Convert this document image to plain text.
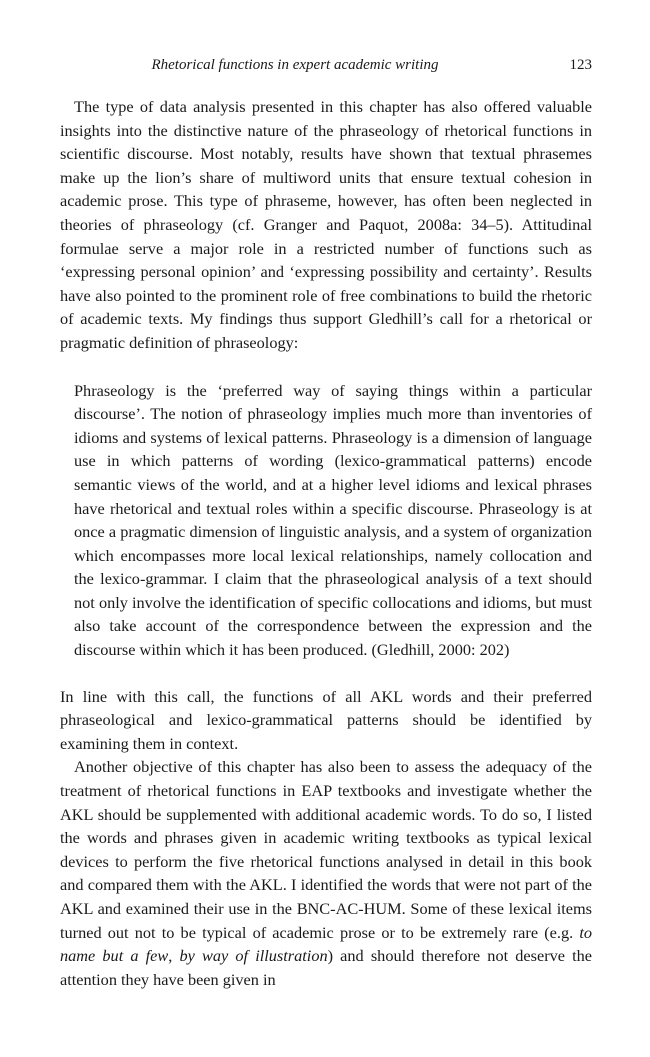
Rhetorical functions in expert academic writing	123

The type of data analysis presented in this chapter has also offered valuable insights into the distinctive nature of the phraseology of rhetorical functions in scientific discourse. Most notably, results have shown that textual phrasemes make up the lion’s share of multiword units that ensure textual cohesion in academic prose. This type of phraseme, however, has often been neglected in theories of phraseology (cf. Granger and Paquot, 2008a: 34–5). Attitudinal formulae serve a major role in a restricted number of functions such as ‘expressing personal opinion’ and ‘expressing possibility and certainty’. Results have also pointed to the prominent role of free combinations to build the rhetoric of academic texts. My findings thus support Gledhill’s call for a rhetorical or pragmatic definition of phraseology:

Phraseology is the ‘preferred way of saying things within a particular discourse’. The notion of phraseology implies much more than inventories of idioms and systems of lexical patterns. Phraseology is a dimension of language use in which patterns of wording (lexico-grammatical patterns) encode semantic views of the world, and at a higher level idioms and lexical phrases have rhetorical and textual roles within a specific discourse. Phraseology is at once a pragmatic dimension of linguistic analysis, and a system of organization which encompasses more local lexical relationships, namely collocation and the lexico-grammar. I claim that the phraseological analysis of a text should not only involve the identification of specific collocations and idioms, but must also take account of the correspondence between the expression and the discourse within which it has been produced. (Gledhill, 2000: 202)

In line with this call, the functions of all AKL words and their preferred phraseological and lexico-grammatical patterns should be identified by examining them in context.

Another objective of this chapter has also been to assess the adequacy of the treatment of rhetorical functions in EAP textbooks and investigate whether the AKL should be supplemented with additional academic words. To do so, I listed the words and phrases given in academic writing textbooks as typical lexical devices to perform the five rhetorical functions analysed in detail in this book and compared them with the AKL. I identified the words that were not part of the AKL and examined their use in the BNC-AC-HUM. Some of these lexical items turned out not to be typical of academic prose or to be extremely rare (e.g. to name but a few, by way of illustration) and should therefore not deserve the attention they have been given in
